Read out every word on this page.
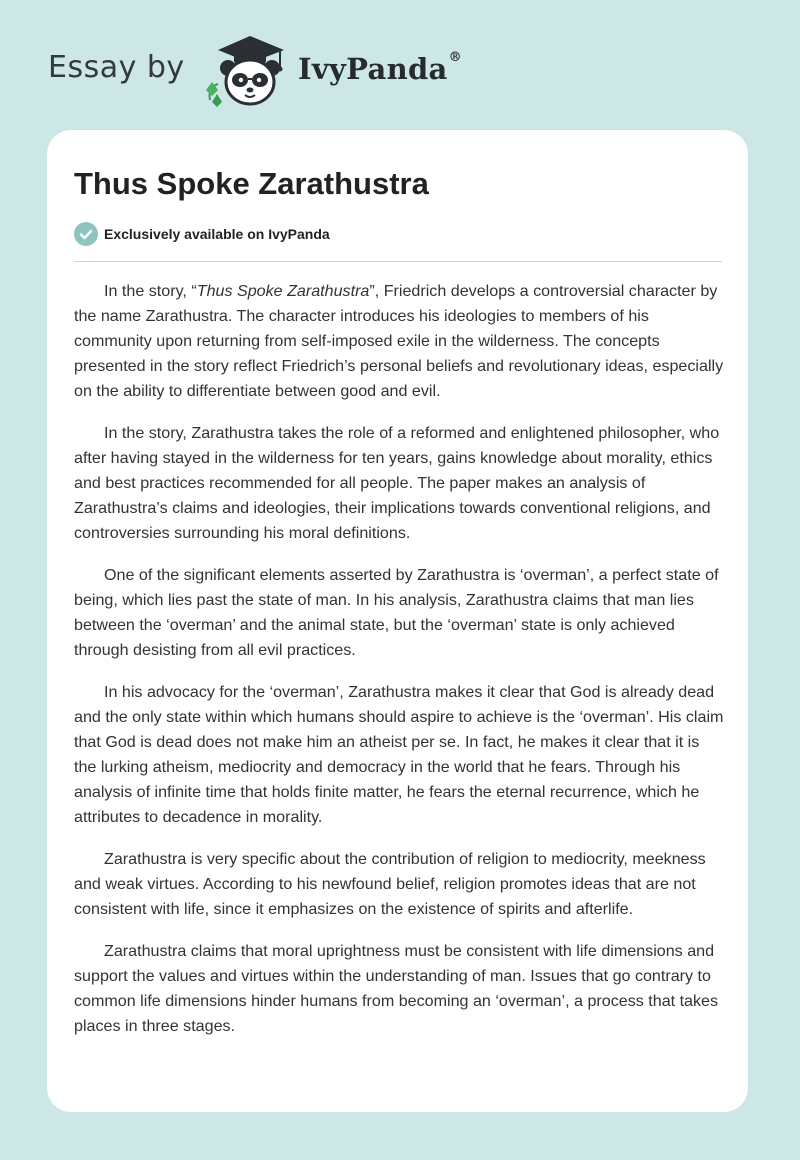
Essay by	IvyPanda®
Thus Spoke Zarathustra
Exclusively available on IvyPanda

In the story, “Thus Spoke Zarathustra”, Friedrich develops a controversial character by the name Zarathustra. The character introduces his ideologies to members of his community upon returning from self-imposed exile in the wilderness. The concepts presented in the story reflect Friedrich’s personal beliefs and revolutionary ideas, especially on the ability to differentiate between good and evil.

In the story, Zarathustra takes the role of a reformed and enlightened philosopher, who after having stayed in the wilderness for ten years, gains knowledge about morality, ethics and best practices recommended for all people. The paper makes an analysis of Zarathustra’s claims and ideologies, their implications towards conventional religions, and controversies surrounding his moral definitions.

One of the significant elements asserted by Zarathustra is ‘overman’, a perfect state of being, which lies past the state of man. In his analysis, Zarathustra claims that man lies between the ‘overman’ and the animal state, but the ‘overman’ state is only achieved through desisting from all evil practices.

In his advocacy for the ‘overman’, Zarathustra makes it clear that God is already dead and the only state within which humans should aspire to achieve is the ‘overman’. His claim that God is dead does not make him an atheist per se. In fact, he makes it clear that it is the lurking atheism, mediocrity and democracy in the world that he fears. Through his analysis of infinite time that holds finite matter, he fears the eternal recurrence, which he attributes to decadence in morality.

Zarathustra is very specific about the contribution of religion to mediocrity, meekness and weak virtues. According to his newfound belief, religion promotes ideas that are not consistent with life, since it emphasizes on the existence of spirits and afterlife.

Zarathustra claims that moral uprightness must be consistent with life dimensions and support the values and virtues within the understanding of man. Issues that go contrary to common life dimensions hinder humans from becoming an ‘overman’, a process that takes places in three stages.
